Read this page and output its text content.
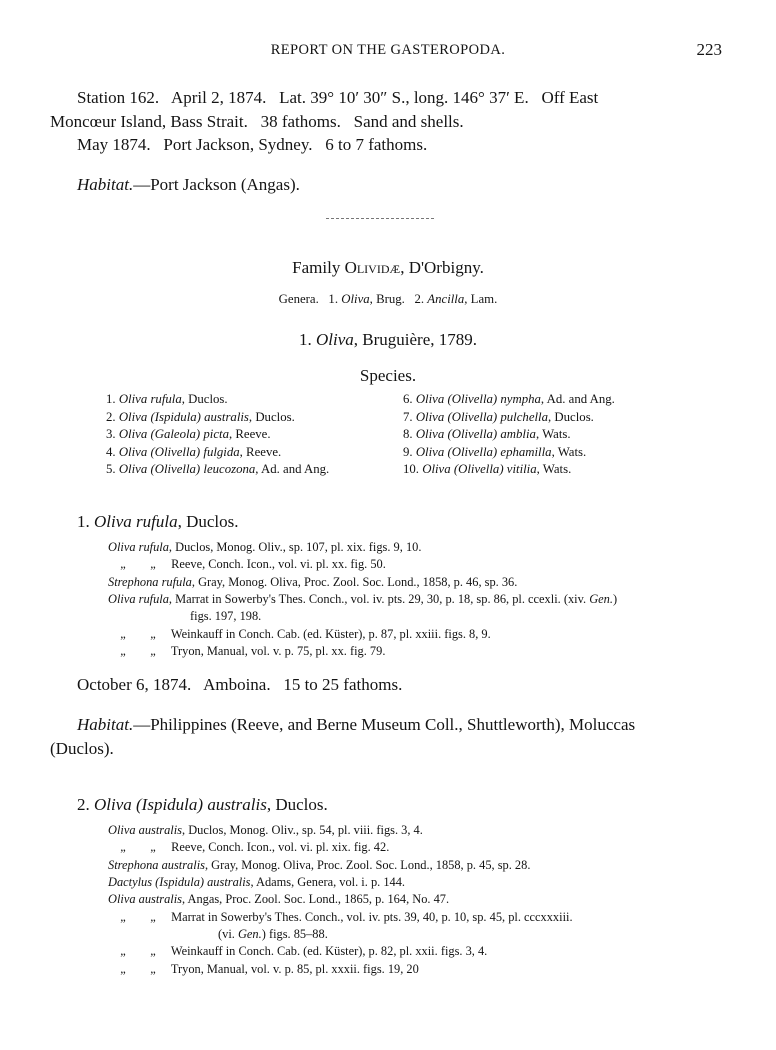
REPORT ON THE GASTEROPODA.	223
Station 162.   April 2, 1874.   Lat. 39° 10′ 30″ S., long. 146° 37′ E.   Off East
Moncœur Island, Bass Strait.   38 fathoms.   Sand and shells.
May 1874.   Port Jackson, Sydney.   6 to 7 fathoms.
Habitat.—Port Jackson (Angas).
Family Olividæ, D'Orbigny.
Genera. 1. Oliva, Brug. 2. Ancilla, Lam.
1. Oliva, Bruguière, 1789.
Species.
1. Oliva rufula, Duclos.
2. Oliva (Ispidula) australis, Duclos.
3. Oliva (Galeola) picta, Reeve.
4. Oliva (Olivella) fulgida, Reeve.
5. Oliva (Olivella) leucozona, Ad. and Ang.
6. Oliva (Olivella) nympha, Ad. and Ang.
7. Oliva (Olivella) pulchella, Duclos.
8. Oliva (Olivella) amblia, Wats.
9. Oliva (Olivella) ephamilla, Wats.
10. Oliva (Olivella) vitilia, Wats.
1. Oliva rufula, Duclos.
Oliva rufula, Duclos, Monog. Oliv., sp. 107, pl. xix. figs. 9, 10.
„ „ Reeve, Conch. Icon., vol. vi. pl. xx. fig. 50.
Strephona rufula, Gray, Monog. Oliva, Proc. Zool. Soc. Lond., 1858, p. 46, sp. 36.
Oliva rufula, Marrat in Sowerby's Thes. Conch., vol. iv. pts. 29, 30, p. 18, sp. 86, pl. ccexli. (xiv. Gen.)
figs. 197, 198.
„ „ Weinkauff in Conch. Cab. (ed. Küster), p. 87, pl. xxiii. figs. 8, 9.
„ „ Tryon, Manual, vol. v. p. 75, pl. xx. fig. 79.
October 6, 1874.   Amboina.   15 to 25 fathoms.
Habitat.—Philippines (Reeve, and Berne Museum Coll., Shuttleworth), Moluccas
(Duclos).
2. Oliva (Ispidula) australis, Duclos.
Oliva australis, Duclos, Monog. Oliv., sp. 54, pl. viii. figs. 3, 4.
„ „ Reeve, Conch. Icon., vol. vi. pl. xix. fig. 42.
Strephona australis, Gray, Monog. Oliva, Proc. Zool. Soc. Lond., 1858, p. 45, sp. 28.
Dactylus (Ispidula) australis, Adams, Genera, vol. i. p. 144.
Oliva australis, Angas, Proc. Zool. Soc. Lond., 1865, p. 164, No. 47.
„ „ Marrat in Sowerby's Thes. Conch., vol. iv. pts. 39, 40, p. 10, sp. 45, pl. cccxxxiii.
(vi. Gen.) figs. 85–88.
„ „ Weinkauff in Conch. Cab. (ed. Küster), p. 82, pl. xxii. figs. 3, 4.
„ „ Tryon, Manual, vol. v. p. 85, pl. xxxii. figs. 19, 20
